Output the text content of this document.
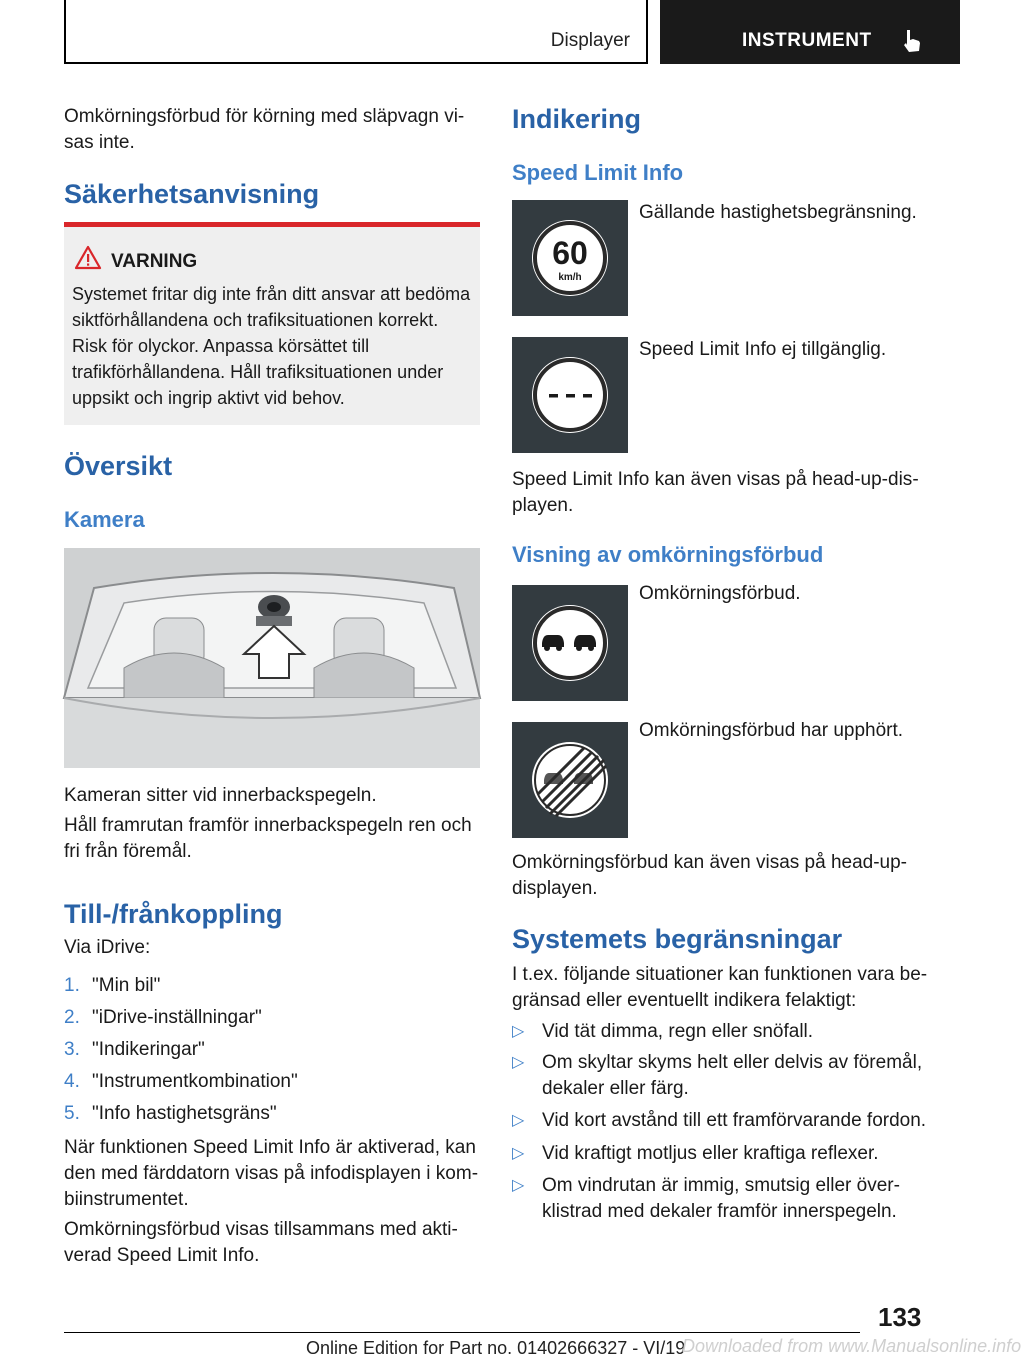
Displayer	INSTRUMENT

Omkörningsförbud för körning med släpvagn visas inte.

Säkerhetsanvisning
VARNING
Systemet fritar dig inte från ditt ansvar att bedöma siktförhållandena och trafiksituationen korrekt. Risk för olyckor. Anpassa körsättet till trafikförhållandena. Håll trafiksituationen under uppsikt och ingrip aktivt vid behov.
Översikt
Kamera

Kameran sitter vid innerbackspegeln.

Håll framrutan framför innerbackspegeln ren och fri från föremål.

Till-/frånkoppling

Via iDrive:

1. "Min bil"
2. "iDrive-inställningar"
3. "Indikeringar"
4. "Instrumentkombination"
5. "Info hastighetsgräns"

När funktionen Speed Limit Info är aktiverad, kan den med färddatorn visas på infodisplayen i kombiinstrumentet.

Omkörningsförbud visas tillsammans med aktiverad Speed Limit Info.

Indikering
Speed Limit Info
60
km/h

Gällande hastighetsbegränsning.

Speed Limit Info ej tillgänglig.

Speed Limit Info kan även visas på head-up-displayen.

Visning av omkörningsförbud

Omkörningsförbud.

Omkörningsförbud har upphört.

Omkörningsförbud kan även visas på head-up-displayen.

Systemets begränsningar

I t.ex. följande situationer kan funktionen vara begränsad eller eventuellt indikera felaktigt:

▷ Vid tät dimma, regn eller snöfall.
▷ Om skyltar skyms helt eller delvis av föremål, dekaler eller färg.
▷ Vid kort avstånd till ett framförvarande fordon.
▷ Vid kraftigt motljus eller kraftiga reflexer.
▷ Om vindrutan är immig, smutsig eller överklistrad med dekaler framför innerspegeln.
133
Online Edition for Part no. 01402666327 - VI/19
Downloaded from www.Manualsonline.info
